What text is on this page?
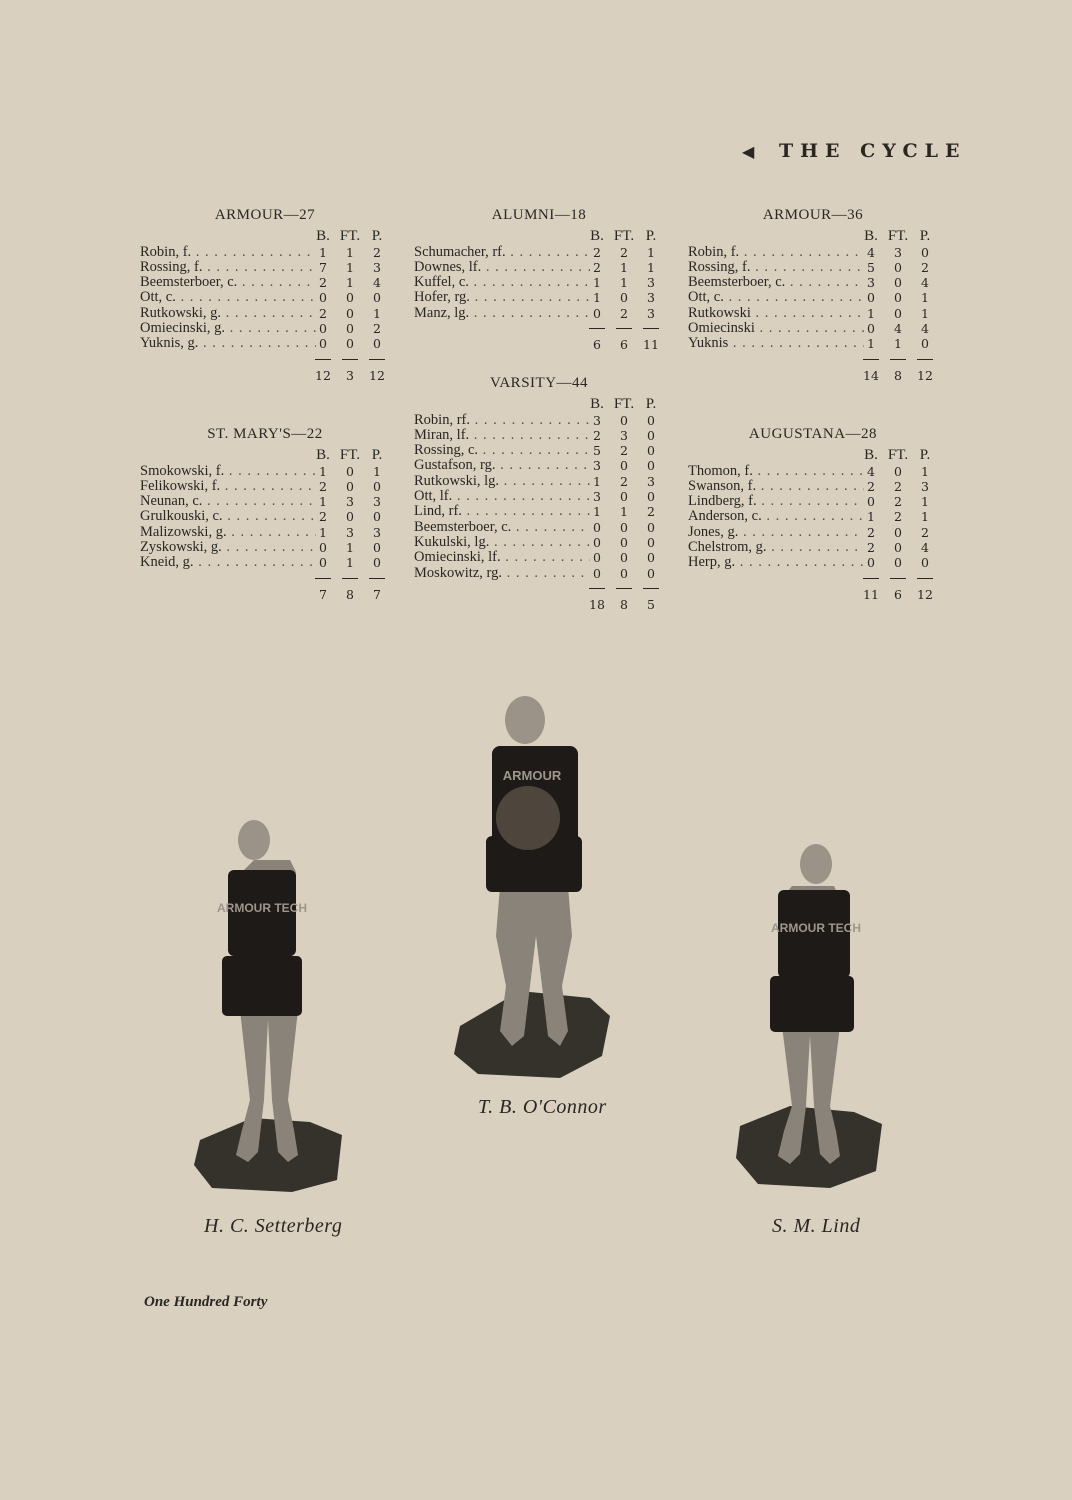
◀ THE CYCLE
ARMOUR—27
B. FT. P.
Robin, f. . . .	1	1	2
Rossing, f. . . .	7	1	3
Beemsterboer, c. . . .	2	1	4
Ott, c. . . .	0	0	0
Rutkowski, g. . . .	2	0	1
Omiecinski, g. . . .	0	0	2
Yuknis, g. . . .	0	0	0
12	3	12
ST. MARY'S—22
B. FT. P.
Smokowski, f. . . .	1	0	1
Felikowski, f. . . .	2	0	0
Neunan, c. . . .	1	3	3
Grulkouski, c. . . .	2	0	0
Malizowski, g. . . .	1	3	3
Zyskowski, g. . . .	0	1	0
Kneid, g. . . .	0	1	0
7	8	7
ALUMNI—18
B. FT. P.
Schumacher, rf. . . .	2	2	1
Downes, lf. . . .	2	1	1
Kuffel, c. . . .	1	1	3
Hofer, rg. . . .	1	0	3
Manz, lg. . . .	0	2	3
6	6	11
VARSITY—44
B. FT. P.
Robin, rf. . . .	3	0	0
Miran, lf. . . .	2	3	0
Rossing, c. . . .	5	2	0
Gustafson, rg. . . .	3	0	0
Rutkowski, lg. . . .	1	2	3
Ott, lf. . . .	3	0	0
Lind, rf. . . .	1	1	2
Beemsterboer, c. . . .	0	0	0
Kukulski, lg. . . .	0	0	0
Omiecinski, lf. . . .	0	0	0
Moskowitz, rg. . . .	0	0	0
18	8	5
ARMOUR—36
B. FT. P.
Robin, f. . . .	4	3	0
Rossing, f. . . .	5	0	2
Beemsterboer, c. . . .	3	0	4
Ott, c. . . .	0	0	1
Rutkowski . . .	1	0	1
Omiecinski . . .	0	4	4
Yuknis . . .	1	1	0
14	8	12
AUGUSTANA—28
B. FT. P.
Thomon, f. . . .	4	0	1
Swanson, f. . . .	2	2	3
Lindberg, f. . . .	0	2	1
Anderson, c. . . .	1	2	1
Jones, g. . . .	2	0	2
Chelstrom, g. . . .	2	0	4
Herp, g. . . .	0	0	0
11	6	12
ARMOUR TECH
H. C. Setterberg
ARMOUR
T. B. O'Connor
ARMOUR TECH
S. M. Lind
One Hundred Forty
